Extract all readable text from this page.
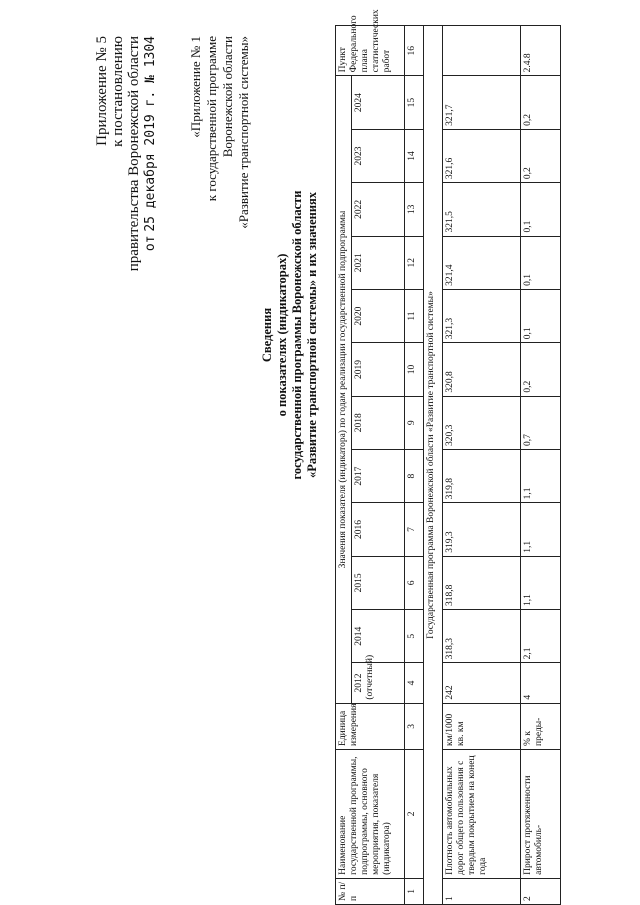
Приложение № 5 к постановлению правительства Воронежской области от 25 декабря 2019 г. № 1304 «Приложение № 1 к государственной программе Воронежской области «Развитие транспортной системы»
Сведения о показателях (индикаторах) государственной программы Воронежской области «Развитие транспортной системы» и их значениях
№ п/п	Наименование государственной программы, подпрограммы, основного мероприятия, показателя (индикатора)	Единица измерения	Значения показателя (индикатора) по годам реализации государственной подпрограммы												Пункт Федерального плана статистических работ
			2012 (отчетный)	2014	2015	2016	2017	2018	2019	2020	2021	2022	2023	2024	
1	2	3	4	5	6	7	8	9	10	11	12	13	14	15	16
Государственная программа Воронежской области «Развитие транспортной системы»															
1	Плотность автомобильных дорог общего пользования с твердым покрытием на конец года	км/1000 кв. км	242	318,3	318,8	319,3	319,8	320,3	320,8	321,3	321,4	321,5	321,6	321,7	
2	Прирост протяженности автомобиль-	% к преды-	4	2,1	1,1	1,1	1,1	0,7	0,2	0,1	0,1	0,1	0,2	0,2	2.4.8
